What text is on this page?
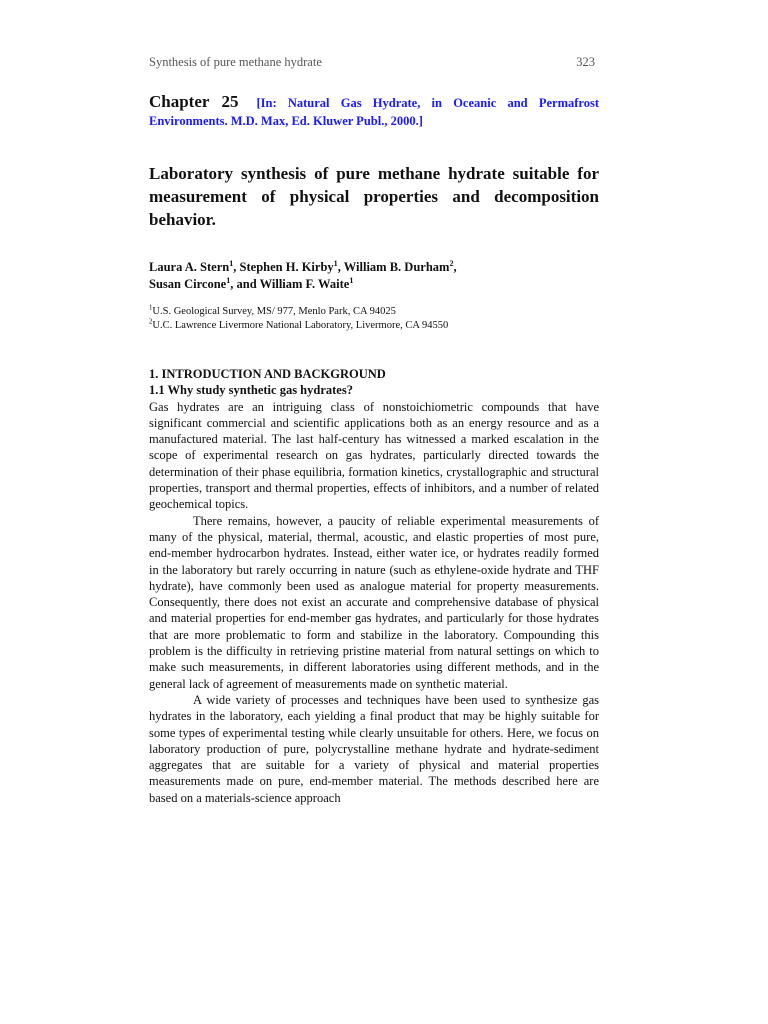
Synthesis of pure methane hydrate	323
Chapter 25 [In: Natural Gas Hydrate, in Oceanic and Permafrost Environments. M.D. Max, Ed. Kluwer Publ., 2000.]
Laboratory synthesis of pure methane hydrate suitable for measurement of physical properties and decomposition behavior.
Laura A. Stern$^1$, Stephen H. Kirby$^1$, William B. Durham$^2$,
Susan Circone$^1$, and William F. Waite$^1$
$^1$U.S. Geological Survey, MS/ 977, Menlo Park, CA 94025
$^2$U.C. Lawrence Livermore National Laboratory, Livermore, CA 94550
1. INTRODUCTION AND BACKGROUND
1.1 Why study synthetic gas hydrates?

Gas hydrates are an intriguing class of nonstoichiometric compounds that have significant commercial and scientific applications both as an energy resource and as a manufactured material. The last half-century has witnessed a marked escalation in the scope of experimental research on gas hydrates, particularly directed towards the determination of their phase equilibria, formation kinetics, crystallographic and structural properties, transport and thermal properties, effects of inhibitors, and a number of related geochemical topics.

There remains, however, a paucity of reliable experimental measurements of many of the physical, material, thermal, acoustic, and elastic properties of most pure, end-member hydrocarbon hydrates. Instead, either water ice, or hydrates readily formed in the laboratory but rarely occurring in nature (such as ethylene-oxide hydrate and THF hydrate), have commonly been used as analogue material for property measurements. Consequently, there does not exist an accurate and comprehensive database of physical and material properties for end-member gas hydrates, and particularly for those hydrates that are more problematic to form and stabilize in the laboratory. Compounding this problem is the difficulty in retrieving pristine material from natural settings on which to make such measurements, in different laboratories using different methods, and in the general lack of agreement of measurements made on synthetic material.

A wide variety of processes and techniques have been used to synthesize gas hydrates in the laboratory, each yielding a final product that may be highly suitable for some types of experimental testing while clearly unsuitable for others. Here, we focus on laboratory production of pure, polycrystalline methane hydrate and hydrate-sediment aggregates that are suitable for a variety of physical and material properties measurements made on pure, end-member material. The methods described here are based on a materials-science approach
